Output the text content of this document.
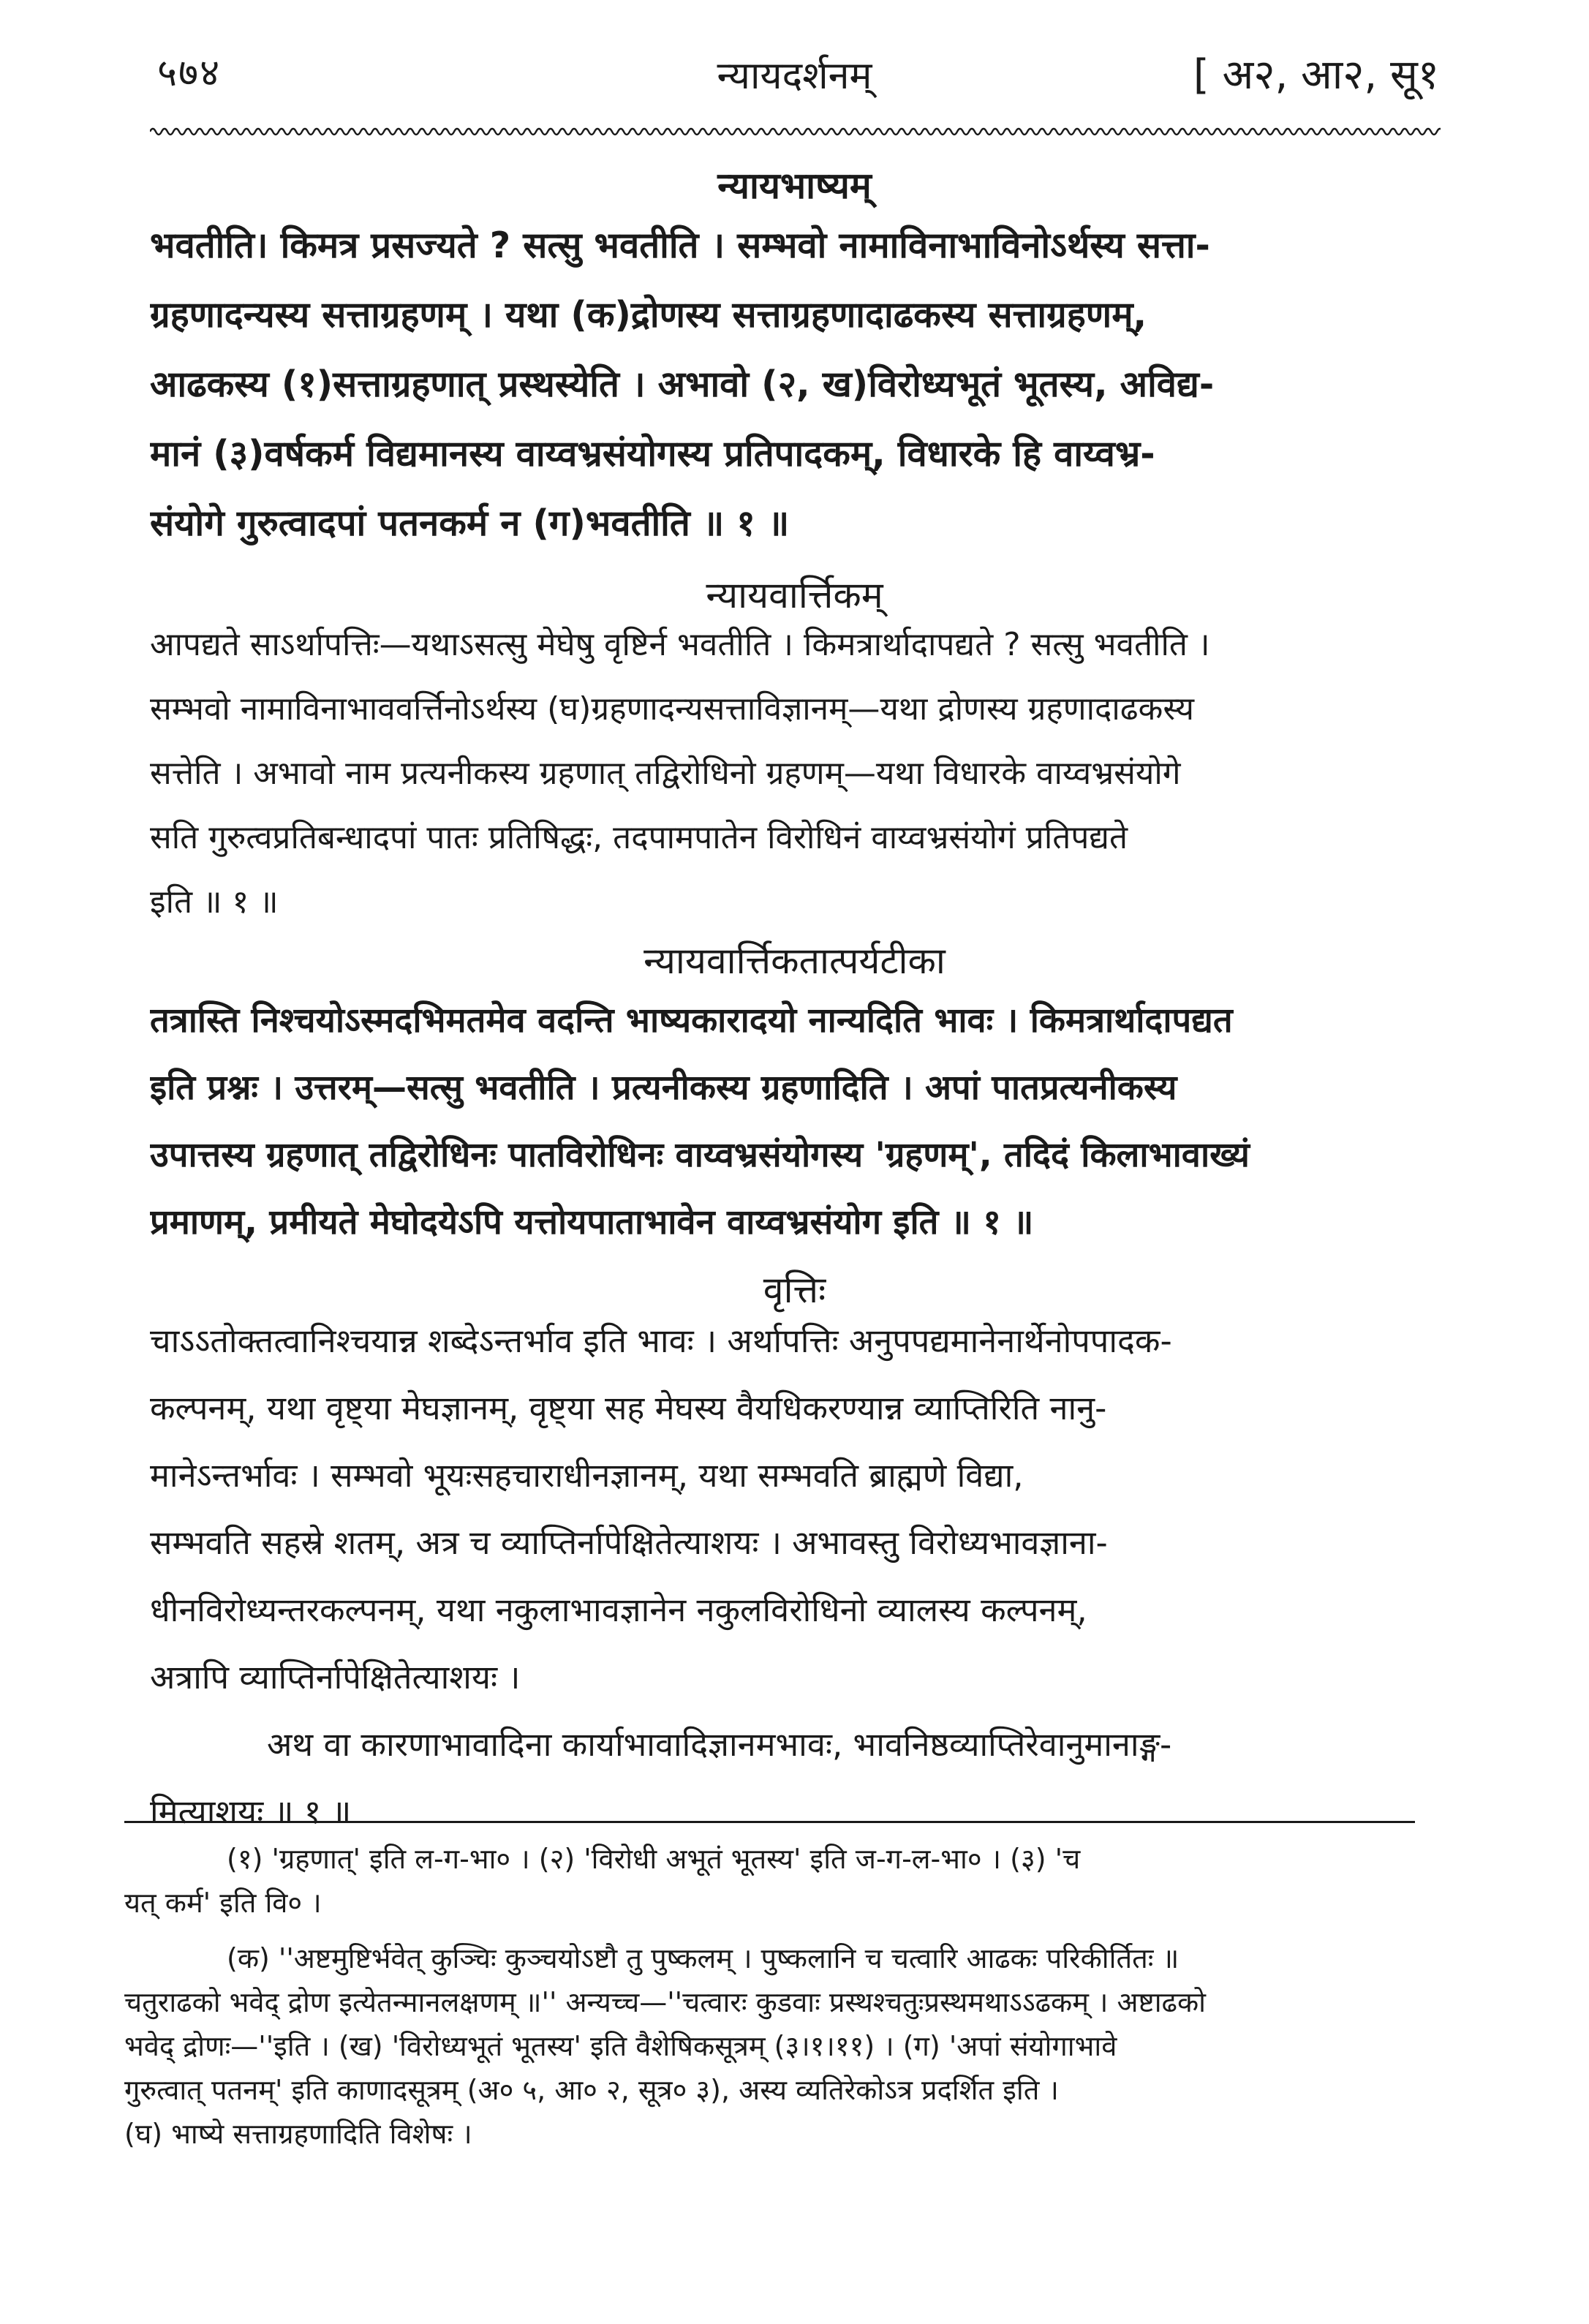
५७४	न्यायदर्शनम्	[ अ२, आ२, सू१
न्यायभाष्यम्
भवतीति। किमत्र प्रसज्यते ? सत्सु भवतीति । सम्भवो नामाविनाभाविनोऽर्थस्य सत्ता-
ग्रहणादन्यस्य सत्ताग्रहणम् । यथा (क)द्रोणस्य सत्ताग्रहणादाढकस्य सत्ताग्रहणम्,
आढकस्य (१)सत्ताग्रहणात् प्रस्थस्येति । अभावो (२, ख)विरोध्यभूतं भूतस्य, अविद्य-
मानं (३)वर्षकर्म विद्यमानस्य वाय्वभ्रसंयोगस्य प्रतिपादकम्, विधारके हि वाय्वभ्र-
संयोगे गुरुत्वादपां पतनकर्म न (ग)भवतीति ॥ १ ॥
न्यायवार्त्तिकम्
आपद्यते साऽर्थापत्तिः—यथाऽसत्सु मेघेषु वृष्टिर्न भवतीति । किमत्रार्थादापद्यते ? सत्सु भवतीति ।
सम्भवो नामाविनाभाववर्त्तिनोऽर्थस्य (घ)ग्रहणादन्यसत्ताविज्ञानम्—यथा द्रोणस्य ग्रहणादाढकस्य
सत्तेति । अभावो नाम प्रत्यनीकस्य ग्रहणात् तद्विरोधिनो ग्रहणम्—यथा विधारके वाय्वभ्रसंयोगे
सति गुरुत्वप्रतिबन्धादपां पातः प्रतिषिद्धः, तदपामपातेन विरोधिनं वाय्वभ्रसंयोगं प्रतिपद्यते
इति ॥ १ ॥
न्यायवार्त्तिकतात्पर्यटीका
तत्रास्ति निश्चयोऽस्मदभिमतमेव वदन्ति भाष्यकारादयो नान्यदिति भावः । किमत्रार्थादापद्यत
इति प्रश्नः । उत्तरम्—सत्सु भवतीति । प्रत्यनीकस्य ग्रहणादिति । अपां पातप्रत्यनीकस्य
उपात्तस्य ग्रहणात् तद्विरोधिनः पातविरोधिनः वाय्वभ्रसंयोगस्य 'ग्रहणम्', तदिदं किलाभावाख्यं
प्रमाणम्, प्रमीयते मेघोदयेऽपि यत्तोयपाताभावेन वाय्वभ्रसंयोग इति ॥ १ ॥
वृत्तिः
चाऽऽतोक्तत्वानिश्चयान्न शब्देऽन्तर्भाव इति भावः । अर्थापत्तिः अनुपपद्यमानेनार्थेनोपपादक-
कल्पनम्, यथा वृष्ट्या मेघज्ञानम्, वृष्ट्या सह मेघस्य वैयधिकरण्यान्न व्याप्तिरिति नानु-
मानेऽन्तर्भावः । सम्भवो भूयःसहचाराधीनज्ञानम्, यथा सम्भवति ब्राह्मणे विद्या,
सम्भवति सहस्रे शतम्, अत्र च व्याप्तिर्नापेक्षितेत्याशयः । अभावस्तु विरोध्यभावज्ञाना-
धीनविरोध्यन्तरकल्पनम्, यथा नकुलाभावज्ञानेन नकुलविरोधिनो व्यालस्य कल्पनम्,
अत्रापि व्याप्तिर्नापेक्षितेत्याशयः ।
अथ वा कारणाभावादिना कार्याभावादिज्ञानमभावः, भावनिष्ठव्याप्तिरेवानुमानाङ्ग-
मित्याशयः ॥ १ ॥
(१) 'ग्रहणात्' इति ल-ग-भा० । (२) 'विरोधी अभूतं भूतस्य' इति ज-ग-ल-भा० । (३) 'च
यत् कर्म' इति वि० ।
(क) ''अष्टमुष्टिर्भवेत् कुञ्चिः कुञ्चयोऽष्टौ तु पुष्कलम् । पुष्कलानि च चत्वारि आढकः परिकीर्तितः ॥
चतुराढको भवेद् द्रोण इत्येतन्मानलक्षणम् ॥'' अन्यच्च—''चत्वारः कुडवाः प्रस्थश्चतुःप्रस्थमथाऽऽढकम् । अष्टाढको
भवेद् द्रोणः—''इति । (ख) 'विरोध्यभूतं भूतस्य' इति वैशेषिकसूत्रम् (३।१।११) । (ग) 'अपां संयोगाभावे
गुरुत्वात् पतनम्' इति काणादसूत्रम् (अ० ५, आ० २, सूत्र० ३), अस्य व्यतिरेकोऽत्र प्रदर्शित इति ।
(घ) भाष्ये सत्ताग्रहणादिति विशेषः ।
